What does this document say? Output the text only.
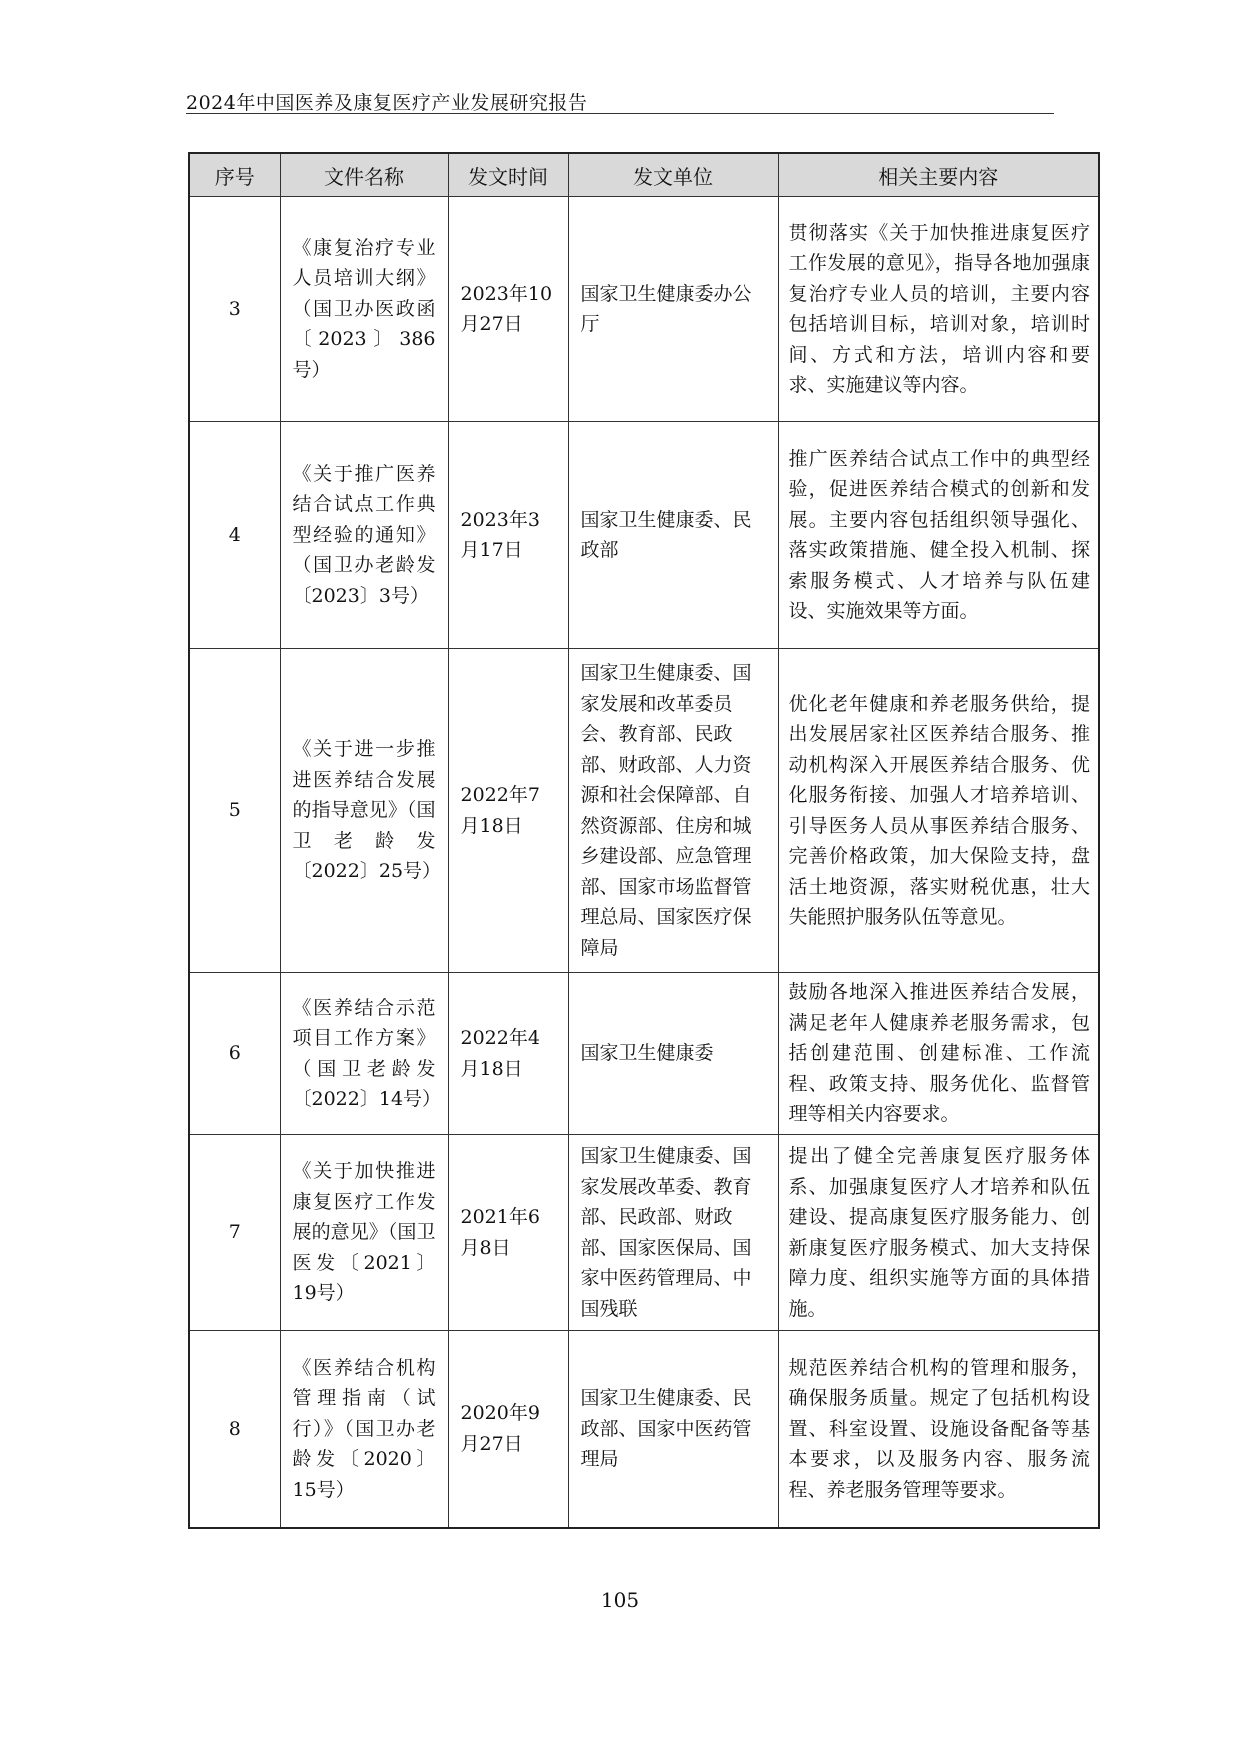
2024年中国医养及康复医疗产业发展研究报告
序号	文件名称	发文时间	发文单位	相关主要内容
3	《康复治疗专业人员培训大纲》（国卫办医政函〔2023〕386号）	2023年10月27日	国家卫生健康委办公厅	贯彻落实《关于加快推进康复医疗工作发展的意见》，指导各地加强康复治疗专业人员的培训，主要内容包括培训目标，培训对象，培训时间、方式和方法，培训内容和要求、实施建议等内容。
4	《关于推广医养结合试点工作典型经验的通知》（国卫办老龄发〔2023〕3号）	2023年3月17日	国家卫生健康委、民政部	推广医养结合试点工作中的典型经验，促进医养结合模式的创新和发展。主要内容包括组织领导强化、落实政策措施、健全投入机制、探索服务模式、人才培养与队伍建设、实施效果等方面。
5	《关于进一步推进医养结合发展的指导意见》（国卫老龄发〔2022〕25号）	2022年7月18日	国家卫生健康委、国家发展和改革委员会、教育部、民政部、财政部、人力资源和社会保障部、自然资源部、住房和城乡建设部、应急管理部、国家市场监督管理总局、国家医疗保障局	优化老年健康和养老服务供给，提出发展居家社区医养结合服务、推动机构深入开展医养结合服务、优化服务衔接、加强人才培养培训、引导医务人员从事医养结合服务、完善价格政策，加大保险支持，盘活土地资源，落实财税优惠，壮大失能照护服务队伍等意见。
6	《医养结合示范项目工作方案》（国卫老龄发〔2022〕14号）	2022年4月18日	国家卫生健康委	鼓励各地深入推进医养结合发展，满足老年人健康养老服务需求，包括创建范围、创建标准、工作流程、政策支持、服务优化、监督管理等相关内容要求。
7	《关于加快推进康复医疗工作发展的意见》（国卫医发〔2021〕19号）	2021年6月8日	国家卫生健康委、国家发展改革委、教育部、民政部、财政部、国家医保局、国家中医药管理局、中国残联	提出了健全完善康复医疗服务体系、加强康复医疗人才培养和队伍建设、提高康复医疗服务能力、创新康复医疗服务模式、加大支持保障力度、组织实施等方面的具体措施。
8	《医养结合机构管理指南（试行）》（国卫办老龄发〔2020〕15号）	2020年9月27日	国家卫生健康委、民政部、国家中医药管理局	规范医养结合机构的管理和服务，确保服务质量。规定了包括机构设置、科室设置、设施设备配备等基本要求，以及服务内容、服务流程、养老服务管理等要求。
105
